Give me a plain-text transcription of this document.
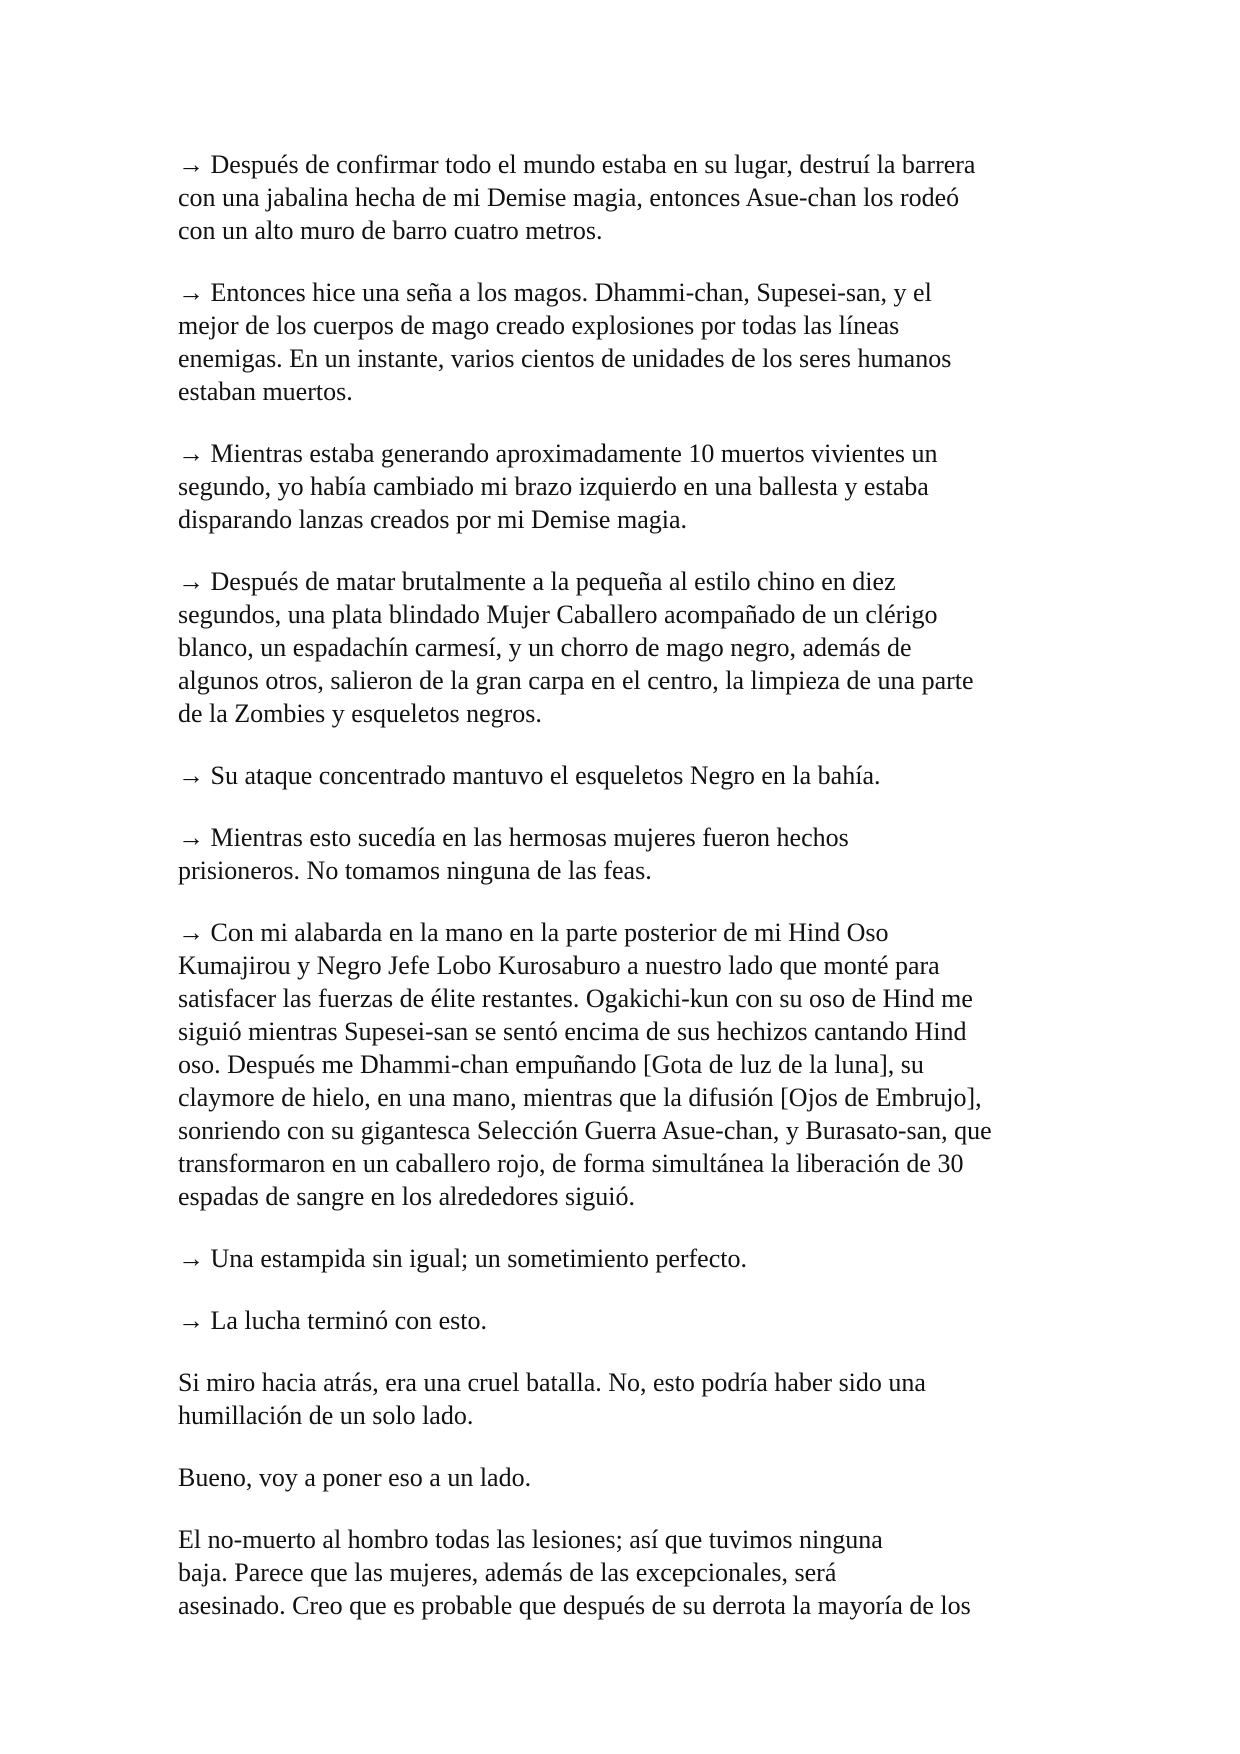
→ Después de confirmar todo el mundo estaba en su lugar, destruí la barrera
con una jabalina hecha de mi Demise magia, entonces Asue-chan los rodeó
con un alto muro de barro cuatro metros.

→ Entonces hice una seña a los magos. Dhammi-chan, Supesei-san, y el
mejor de los cuerpos de mago creado explosiones por todas las líneas
enemigas. En un instante, varios cientos de unidades de los seres humanos
estaban muertos.

→ Mientras estaba generando aproximadamente 10 muertos vivientes un
segundo, yo había cambiado mi brazo izquierdo en una ballesta y estaba
disparando lanzas creados por mi Demise magia.

→ Después de matar brutalmente a la pequeña al estilo chino en diez
segundos, una plata blindado Mujer Caballero acompañado de un clérigo
blanco, un espadachín carmesí, y un chorro de mago negro, además de
algunos otros, salieron de la gran carpa en el centro, la limpieza de una parte
de la Zombies y esqueletos negros.

→ Su ataque concentrado mantuvo el esqueletos Negro en la bahía.

→ Mientras esto sucedía en las hermosas mujeres fueron hechos
prisioneros. No tomamos ninguna de las feas.

→ Con mi alabarda en la mano en la parte posterior de mi Hind Oso
Kumajirou y Negro Jefe Lobo Kurosaburo a nuestro lado que monté para
satisfacer las fuerzas de élite restantes. Ogakichi-kun con su oso de Hind me
siguió mientras Supesei-san se sentó encima de sus hechizos cantando Hind
oso. Después me Dhammi-chan empuñando [Gota de luz de la luna], su
claymore de hielo, en una mano, mientras que la difusión [Ojos de Embrujo],
sonriendo con su gigantesca Selección Guerra Asue-chan, y Burasato-san, que
transformaron en un caballero rojo, de forma simultánea la liberación de 30
espadas de sangre en los alrededores siguió.

→ Una estampida sin igual; un sometimiento perfecto.

→ La lucha terminó con esto.

Si miro hacia atrás, era una cruel batalla. No, esto podría haber sido una
humillación de un solo lado.

Bueno, voy a poner eso a un lado.

El no-muerto al hombro todas las lesiones; así que tuvimos ninguna
baja. Parece que las mujeres, además de las excepcionales, será
asesinado. Creo que es probable que después de su derrota la mayoría de los
